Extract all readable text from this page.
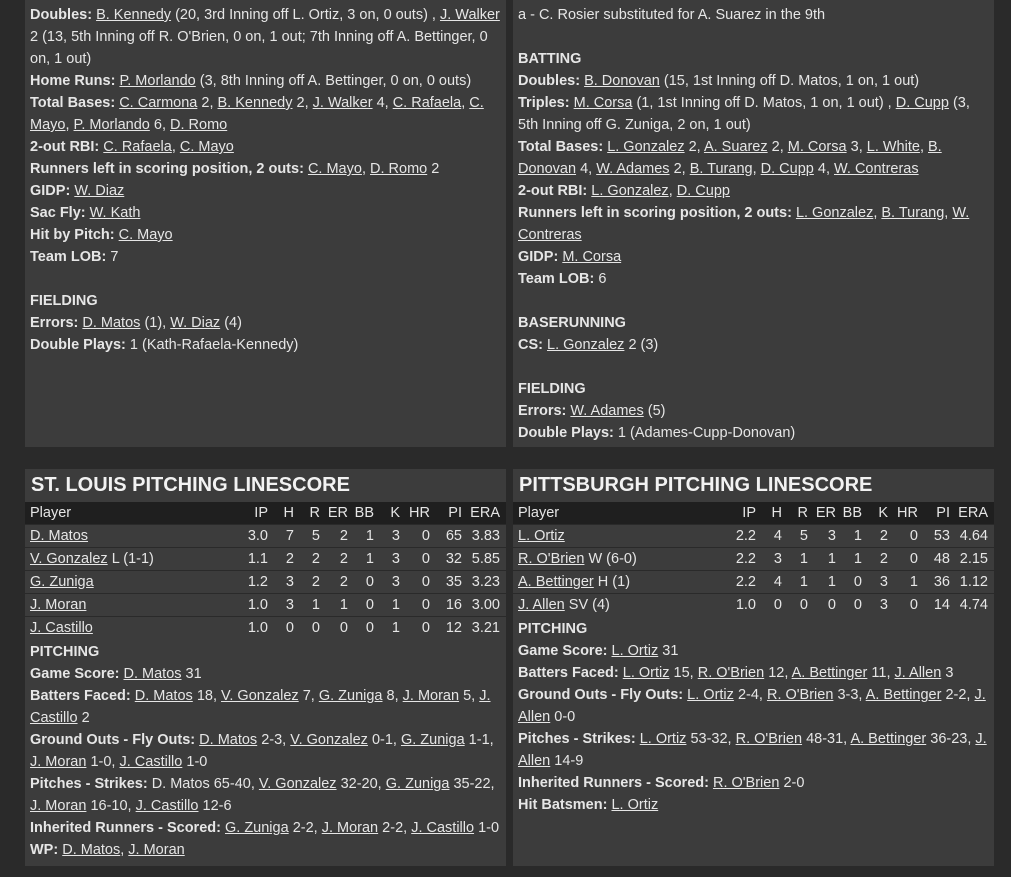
Doubles: B. Kennedy (20, 3rd Inning off L. Ortiz, 3 on, 0 outs) , J. Walker 2 (13, 5th Inning off R. O'Brien, 0 on, 1 out; 7th Inning off A. Bettinger, 0 on, 1 out)
Home Runs: P. Morlando (3, 8th Inning off A. Bettinger, 0 on, 0 outs)
Total Bases: C. Carmona 2, B. Kennedy 2, J. Walker 4, C. Rafaela, C. Mayo, P. Morlando 6, D. Romo
2-out RBI: C. Rafaela, C. Mayo
Runners left in scoring position, 2 outs: C. Mayo, D. Romo 2
GIDP: W. Diaz
Sac Fly: W. Kath
Hit by Pitch: C. Mayo
Team LOB: 7
FIELDING
Errors: D. Matos (1), W. Diaz (4)
Double Plays: 1 (Kath-Rafaela-Kennedy)
a - C. Rosier substituted for A. Suarez in the 9th
BATTING
Doubles: B. Donovan (15, 1st Inning off D. Matos, 1 on, 1 out)
Triples: M. Corsa (1, 1st Inning off D. Matos, 1 on, 1 out) , D. Cupp (3, 5th Inning off G. Zuniga, 2 on, 1 out)
Total Bases: L. Gonzalez 2, A. Suarez 2, M. Corsa 3, L. White, B. Donovan 4, W. Adames 2, B. Turang, D. Cupp 4, W. Contreras
2-out RBI: L. Gonzalez, D. Cupp
Runners left in scoring position, 2 outs: L. Gonzalez, B. Turang, W. Contreras
GIDP: M. Corsa
Team LOB: 6
BASERUNNING
CS: L. Gonzalez 2 (3)
FIELDING
Errors: W. Adames (5)
Double Plays: 1 (Adames-Cupp-Donovan)
ST. LOUIS PITCHING LINESCORE
Player	IP	H	R	ER	BB	K	HR	PI	ERA
D. Matos	3.0	7	5	2	1	3	0	65	3.83
V. Gonzalez L (1-1)	1.1	2	2	2	1	3	0	32	5.85
G. Zuniga	1.2	3	2	2	0	3	0	35	3.23
J. Moran	1.0	3	1	1	0	1	0	16	3.00
J. Castillo	1.0	0	0	0	0	1	0	12	3.21
PITCHING
Game Score: D. Matos 31
Batters Faced: D. Matos 18, V. Gonzalez 7, G. Zuniga 8, J. Moran 5, J. Castillo 2
Ground Outs - Fly Outs: D. Matos 2-3, V. Gonzalez 0-1, G. Zuniga 1-1, J. Moran 1-0, J. Castillo 1-0
Pitches - Strikes: D. Matos 65-40, V. Gonzalez 32-20, G. Zuniga 35-22, J. Moran 16-10, J. Castillo 12-6
Inherited Runners - Scored: G. Zuniga 2-2, J. Moran 2-2, J. Castillo 1-0
WP: D. Matos, J. Moran
PITTSBURGH PITCHING LINESCORE
Player	IP	H	R	ER	BB	K	HR	PI	ERA
L. Ortiz	2.2	4	5	3	1	2	0	53	4.64
R. O'Brien W (6-0)	2.2	3	1	1	1	2	0	48	2.15
A. Bettinger H (1)	2.2	4	1	1	0	3	1	36	1.12
J. Allen SV (4)	1.0	0	0	0	0	3	0	14	4.74
PITCHING
Game Score: L. Ortiz 31
Batters Faced: L. Ortiz 15, R. O'Brien 12, A. Bettinger 11, J. Allen 3
Ground Outs - Fly Outs: L. Ortiz 2-4, R. O'Brien 3-3, A. Bettinger 2-2, J. Allen 0-0
Pitches - Strikes: L. Ortiz 53-32, R. O'Brien 48-31, A. Bettinger 36-23, J. Allen 14-9
Inherited Runners - Scored: R. O'Brien 2-0
Hit Batsmen: L. Ortiz
